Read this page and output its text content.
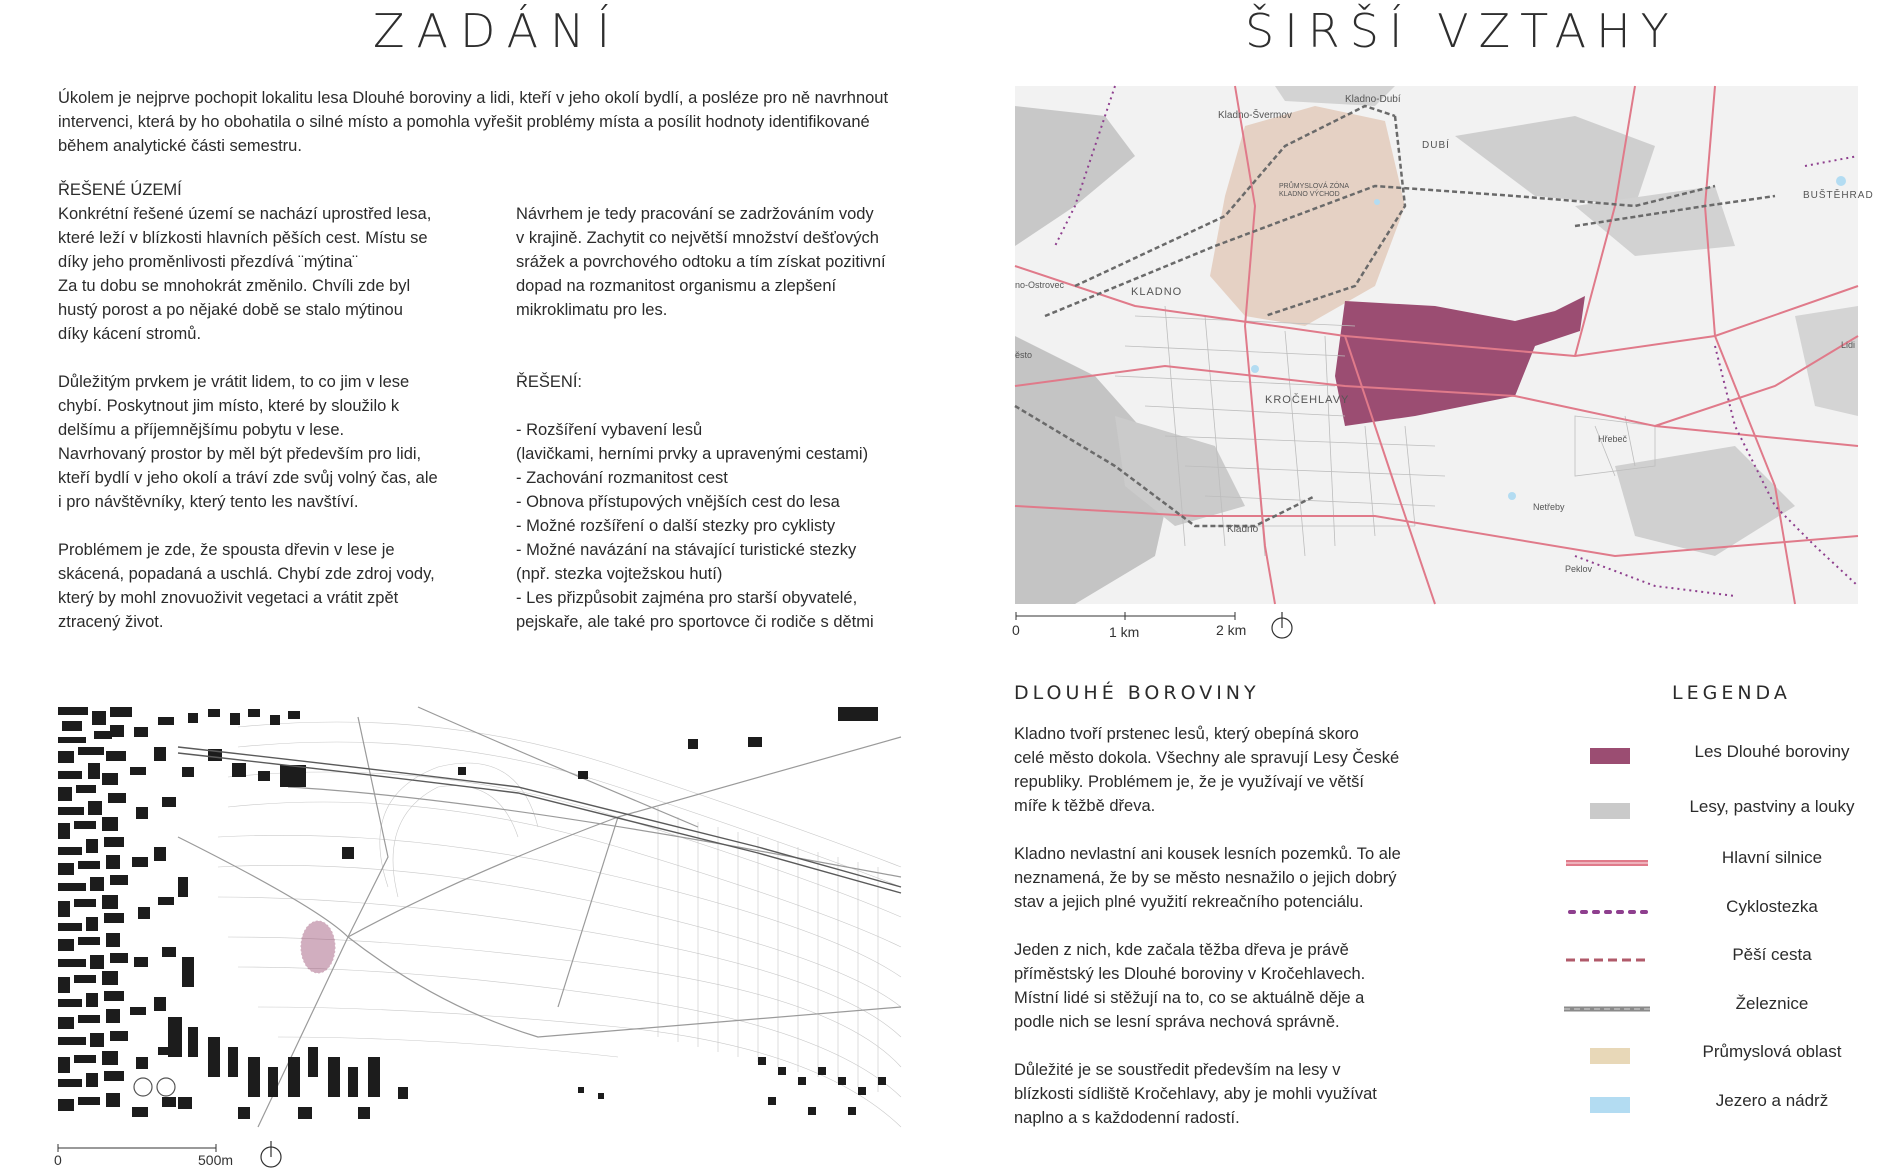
ZADÁNÍ	ŠIRŠÍ VZTAHY
Úkolem je nejprve pochopit lokalitu lesa Dlouhé boroviny a lidi, kteří v jeho okolí bydlí, a posléze pro ně navrhnout
intervenci, která by ho obohatila o silné místo a pomohla vyřešit problémy místa a posílit hodnoty identifikované
během analytické části semestru.
ŘEŠENÉ ÚZEMÍ
Konkrétní řešené území se nachází uprostřed lesa,
které leží v blízkosti hlavních pěších cest. Místu se
díky jeho proměnlivosti přezdívá ¨mýtina¨
Za tu dobu se mnohokrát změnilo. Chvíli zde byl
hustý porost a po nějaké době se stalo mýtinou
díky kácení stromů.

Důležitým prvkem je vrátit lidem, to co jim v lese
chybí. Poskytnout jim místo, které by sloužilo k
delšímu a příjemnějšímu pobytu v lese.
Navrhovaný prostor by měl být především pro lidi,
kteří bydlí v jeho okolí a tráví zde svůj volný čas, ale
i pro návštěvníky, který tento les navštíví.

Problémem je zde, že spousta dřevin v lese je
skácená, popadaná a uschlá. Chybí zde zdroj vody,
který by mohl znovuoživit vegetaci a vrátit zpět
ztracený život.
Návrhem je tedy pracování se zadržováním vody
v krajině. Zachytit co největší množství dešťových
srážek a povrchového odtoku a tím získat pozitivní
dopad na rozmanitost organismu a zlepšení
mikroklimatu pro les.

ŘEŠENÍ:

- Rozšíření vybavení lesů
(lavičkami, herními prvky a upravenými cestami)
- Zachování rozmanitost cest
- Obnova přístupových vnějších cest do lesa
- Možné rozšíření o další stezky pro cyklisty
- Možné navázání na stávající turistické stezky
(npř. stezka vojtežskou hutí)
- Les přizpůsobit zajména pro starší obyvatelé,
pejskaře, ale také pro sportovce či rodiče s dětmi
Kladno-Dubí
Kladno-Švermov
DUBÍ
PRŮMYSLOVÁ ZÓNA
KLADNO VÝCHOD	BUŠTĚHRAD
no-Ostrovec
KLADNO
ěsto
KROČEHLAVY
Lidi
Hřebeč
Netřeby
Kladno
Peklov
0	1 km	2 km
0	500m
DLOUHÉ BOROVINY
Kladno tvoří prstenec lesů, který obepíná skoro
celé město dokola. Všechny ale spravují Lesy České
republiky. Problémem je, že je využívají ve větší
míře k těžbě dřeva.

Kladno nevlastní ani kousek lesních pozemků. To ale
neznamená, že by se město nesnažilo o jejich dobrý
stav a jejich plné využití rekreačního potenciálu.

Jeden z nich, kde začala těžba dřeva je právě
příměstský les Dlouhé boroviny v Kročehlavech.
Místní lidé si stěžují na to, co se aktuálně děje a
podle nich se lesní správa nechová správně.

Důležité je se soustředit především na lesy v
blízkosti sídliště Kročehlavy, aby je mohli využívat
naplno a s každodenní radostí.
LEGENDA
Les Dlouhé boroviny
Lesy, pastviny a louky
Hlavní silnice
Cyklostezka
Pěší cesta
Železnice
Průmyslová oblast
Jezero a nádrž
